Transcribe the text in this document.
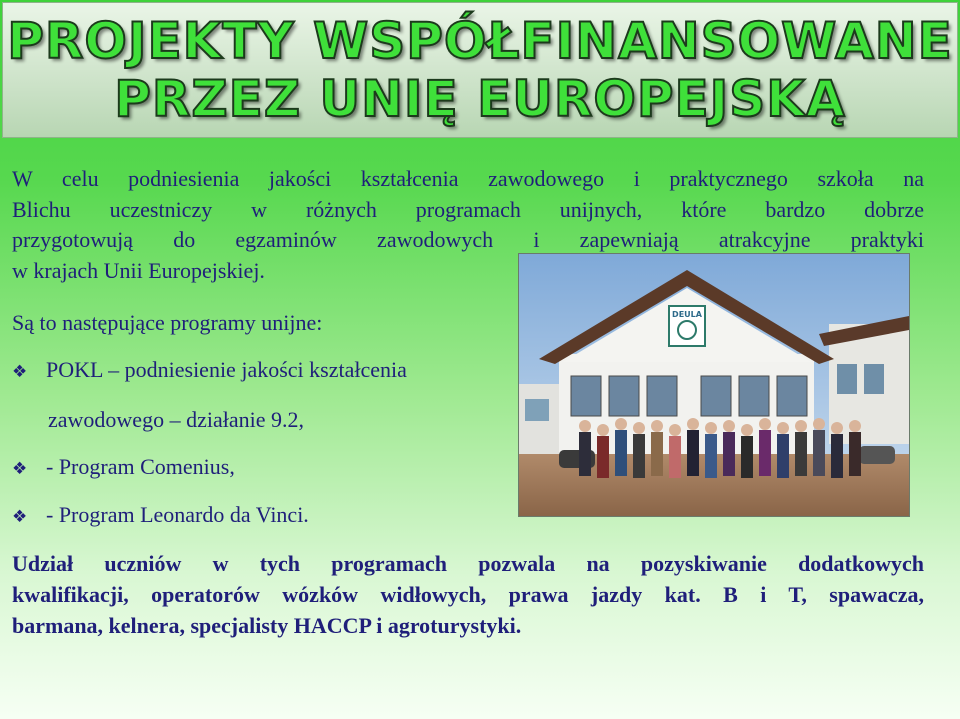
PROJEKTY WSPÓŁFINANSOWANE
PRZEZ UNIĘ EUROPEJSKĄ
W celu podniesienia jakości kształcenia zawodowego i praktycznego szkoła na
Blichu uczestniczy w różnych programach unijnych, które bardzo dobrze
przygotowują do egzaminów zawodowych i zapewniają atrakcyjne praktyki
w krajach Unii Europejskiej.
Są to następujące programy unijne:
❖ POKL – podniesienie jakości kształcenia
zawodowego – działanie 9.2,
❖ - Program Comenius,
❖ - Program Leonardo da Vinci.
DEULA
Udział uczniów w tych programach pozwala na pozyskiwanie dodatkowych
kwalifikacji, operatorów wózków widłowych, prawa jazdy kat. B i T, spawacza,
barmana, kelnera, specjalisty HACCP i agroturystyki.
